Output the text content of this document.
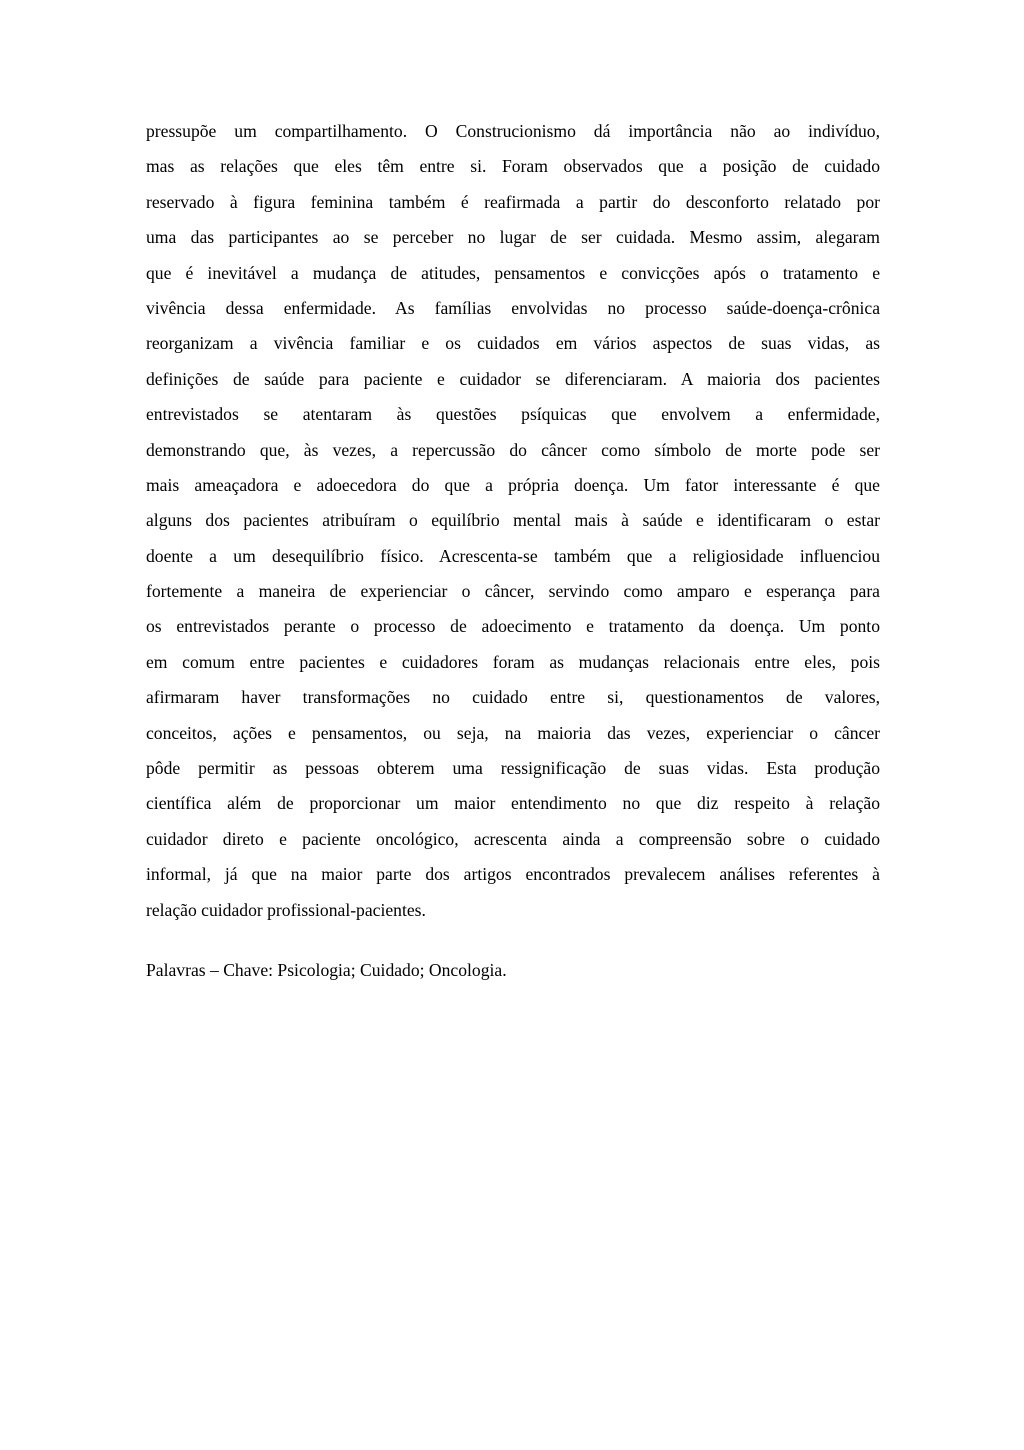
pressupõe um compartilhamento. O Construcionismo dá importância não ao indivíduo,
mas as relações que eles têm entre si. Foram observados que a posição de cuidado
reservado à figura feminina também é reafirmada a partir do desconforto relatado por
uma das participantes ao se perceber no lugar de ser cuidada. Mesmo assim, alegaram
que é inevitável a mudança de atitudes, pensamentos e convicções após o tratamento e
vivência dessa enfermidade. As famílias envolvidas no processo saúde-doença-crônica
reorganizam a vivência familiar e os cuidados em vários aspectos de suas vidas, as
definições de saúde para paciente e cuidador se diferenciaram. A maioria dos pacientes
entrevistados se atentaram às questões psíquicas que envolvem a enfermidade,
demonstrando que, às vezes, a repercussão do câncer como símbolo de morte pode ser
mais ameaçadora e adoecedora do que a própria doença. Um fator interessante é que
alguns dos pacientes atribuíram o equilíbrio mental mais à saúde e identificaram o estar
doente a um desequilíbrio físico. Acrescenta-se também que a religiosidade influenciou
fortemente a maneira de experienciar o câncer, servindo como amparo e esperança para
os entrevistados perante o processo de adoecimento e tratamento da doença. Um ponto
em comum entre pacientes e cuidadores foram as mudanças relacionais entre eles, pois
afirmaram haver transformações no cuidado entre si, questionamentos de valores,
conceitos, ações e pensamentos, ou seja, na maioria das vezes, experienciar o câncer
pôde permitir as pessoas obterem uma ressignificação de suas vidas. Esta produção
científica além de proporcionar um maior entendimento no que diz respeito à relação
cuidador direto e paciente oncológico, acrescenta ainda a compreensão sobre o cuidado
informal, já que na maior parte dos artigos encontrados prevalecem análises referentes à
relação cuidador profissional-pacientes.
Palavras – Chave: Psicologia; Cuidado; Oncologia.
